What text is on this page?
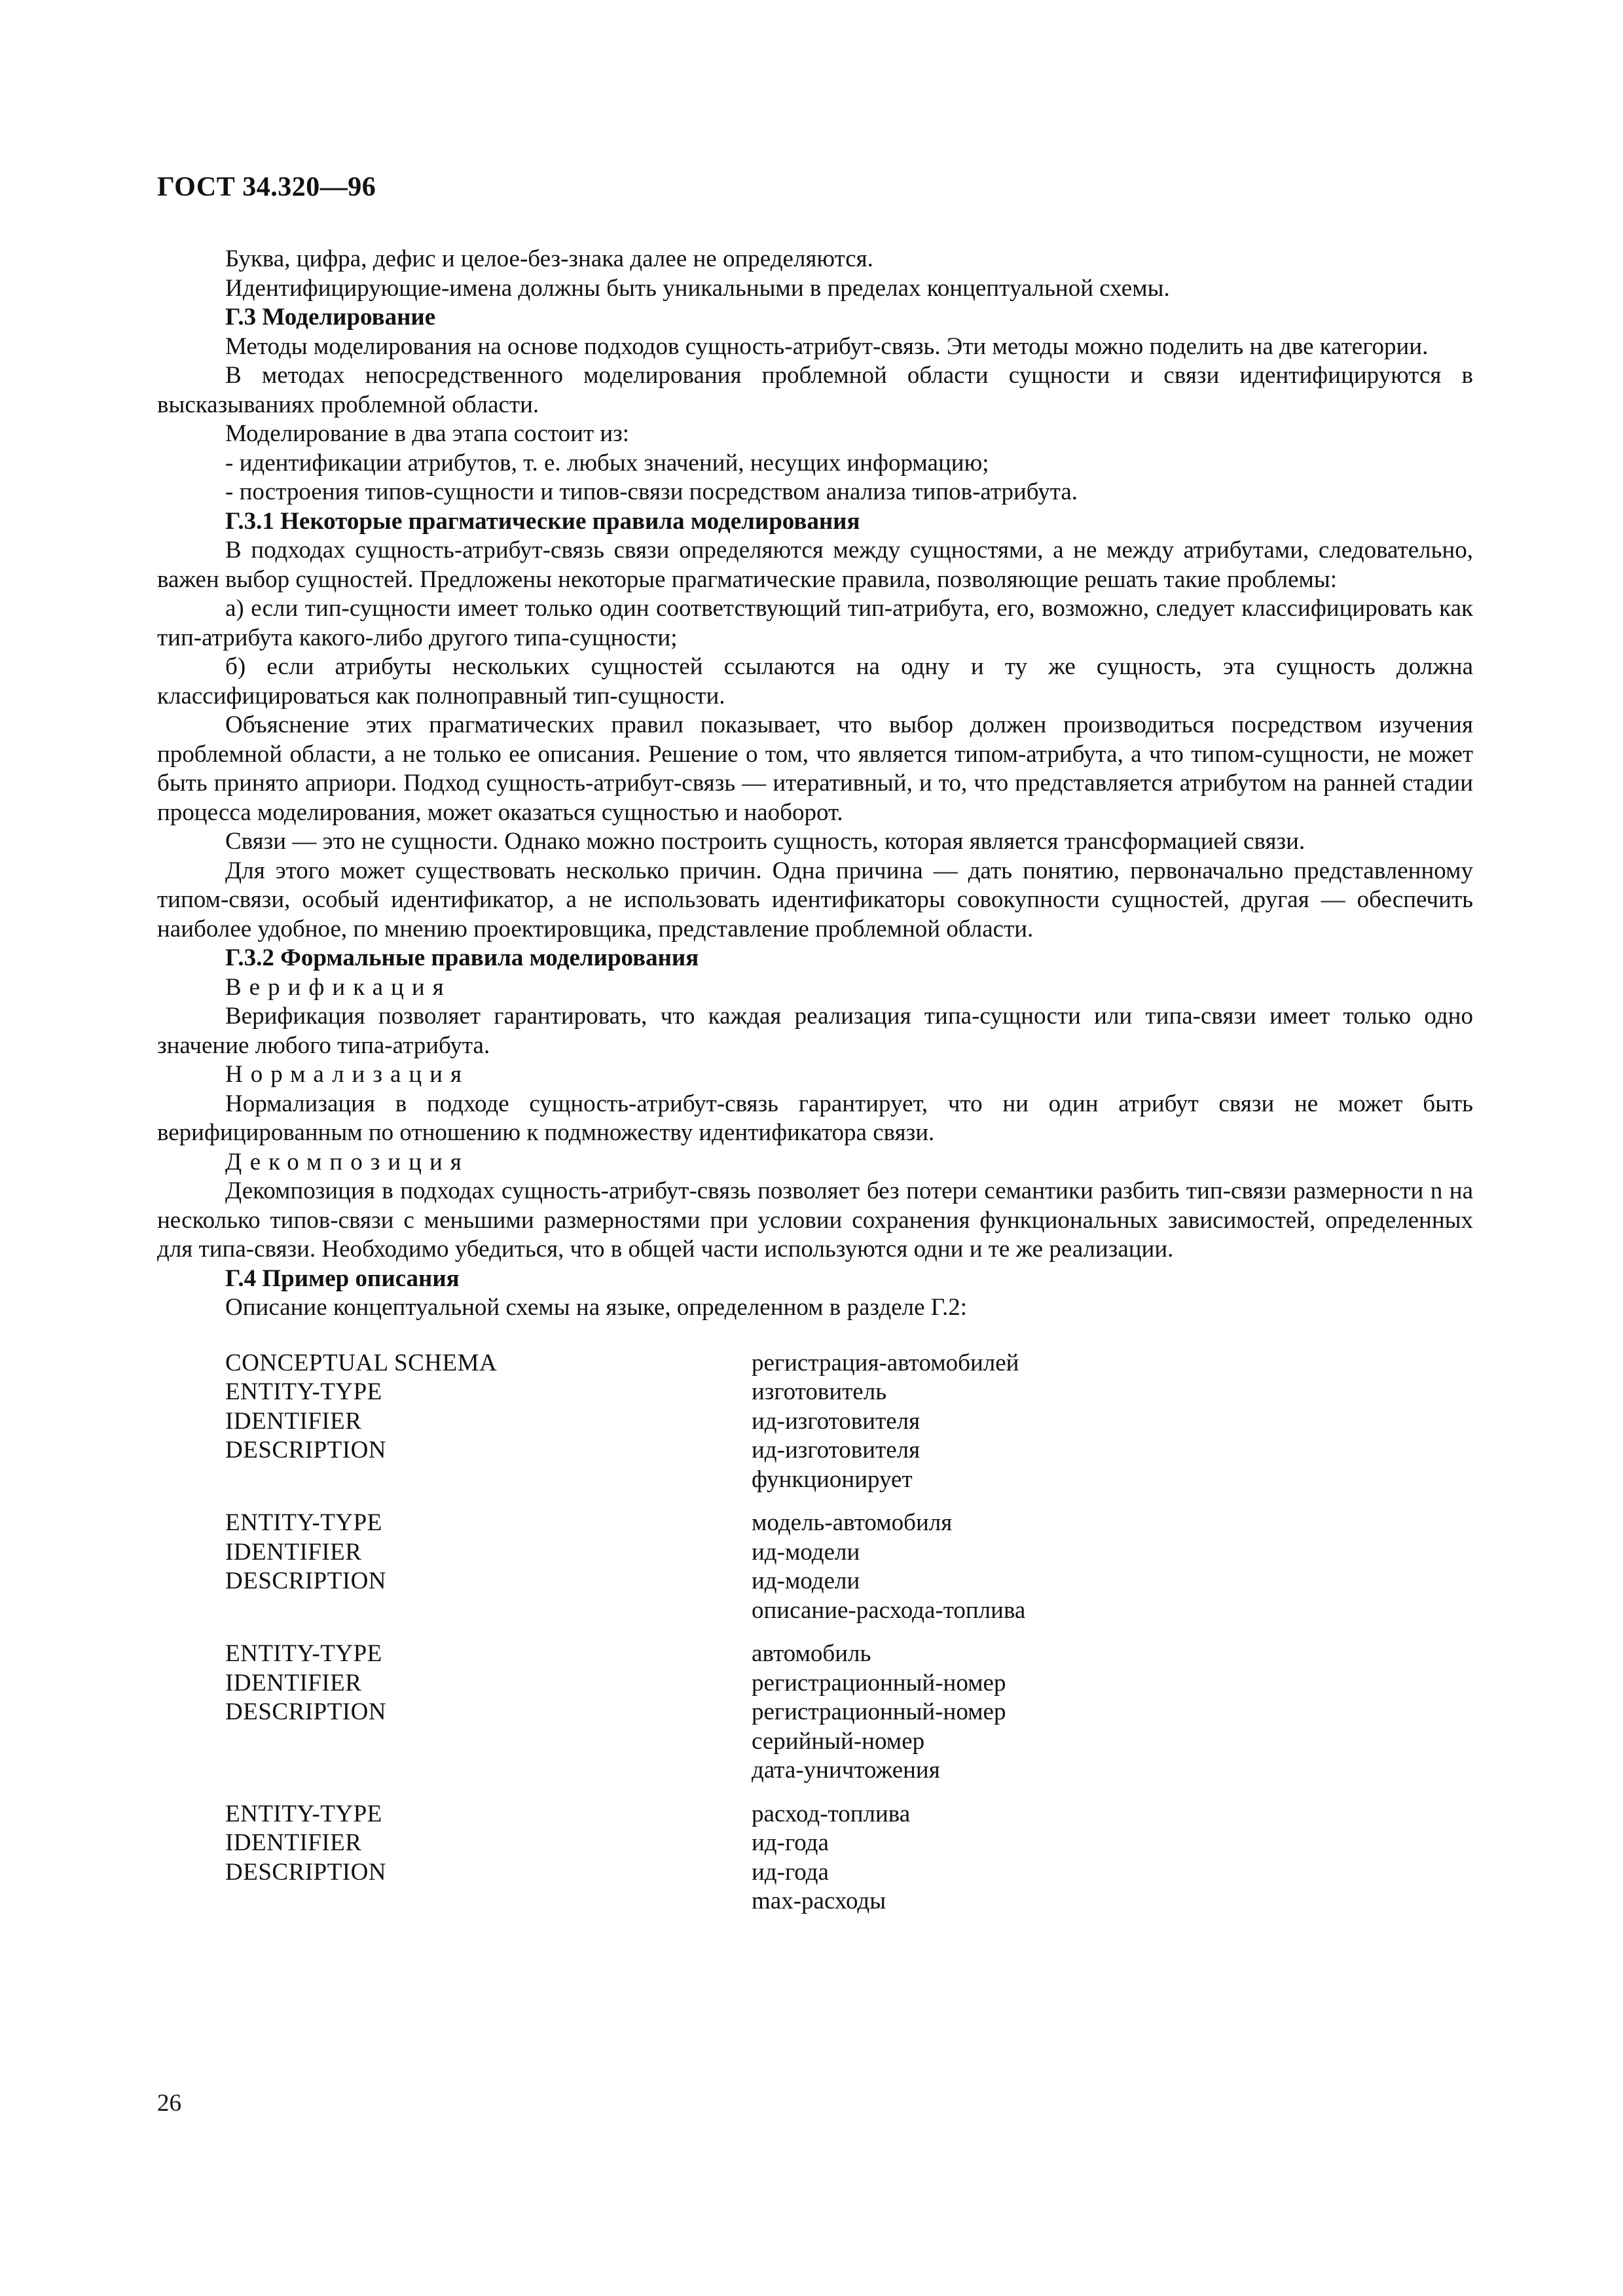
ГОСТ 34.320—96

Буква, цифра, дефис и целое-без-знака далее не определяются.

Идентифицирующие-имена должны быть уникальными в пределах концептуальной схемы.

Г.3 Моделирование

Методы моделирования на основе подходов сущность-атрибут-связь. Эти методы можно поделить на две категории.

В методах непосредственного моделирования проблемной области сущности и связи идентифицируются в высказываниях проблемной области.

Моделирование в два этапа состоит из:

- идентификации атрибутов, т. е. любых значений, несущих информацию;

- построения типов-сущности и типов-связи посредством анализа типов-атрибута.

Г.3.1 Некоторые прагматические правила моделирования

В подходах сущность-атрибут-связь связи определяются между сущностями, а не между атрибутами, следовательно, важен выбор сущностей. Предложены некоторые прагматические правила, позволяющие решать такие проблемы:

а) если тип-сущности имеет только один соответствующий тип-атрибута, его, возможно, следует классифицировать как тип-атрибута какого-либо другого типа-сущности;

б) если атрибуты нескольких сущностей ссылаются на одну и ту же сущность, эта сущность должна классифицироваться как полноправный тип-сущности.

Объяснение этих прагматических правил показывает, что выбор должен производиться посредством изучения проблемной области, а не только ее описания. Решение о том, что является типом-атрибута, а что типом-сущности, не может быть принято априори. Подход сущность-атрибут-связь — итеративный, и то, что представляется атрибутом на ранней стадии процесса моделирования, может оказаться сущностью и наоборот.

Связи — это не сущности. Однако можно построить сущность, которая является трансформацией связи.

Для этого может существовать несколько причин. Одна причина — дать понятию, первоначально представленному типом-связи, особый идентификатор, а не использовать идентификаторы совокупности сущностей, другая — обеспечить наиболее удобное, по мнению проектировщика, представление проблемной области.

Г.3.2 Формальные правила моделирования

Верификация

Верификация позволяет гарантировать, что каждая реализация типа-сущности или типа-связи имеет только одно значение любого типа-атрибута.

Нормализация

Нормализация в подходе сущность-атрибут-связь гарантирует, что ни один атрибут связи не может быть верифицированным по отношению к подмножеству идентификатора связи.

Декомпозиция

Декомпозиция в подходах сущность-атрибут-связь позволяет без потери семантики разбить тип-связи размерности n на несколько типов-связи с меньшими размерностями при условии сохранения функциональных зависимостей, определенных для типа-связи. Необходимо убедиться, что в общей части используются одни и те же реализации.

Г.4 Пример описания

Описание концептуальной схемы на языке, определенном в разделе Г.2:

CONCEPTUAL SCHEMA
ENTITY-TYPE
IDENTIFIER
DESCRIPTION
регистрация-автомобилей
изготовитель
ид-изготовителя
ид-изготовителя
функционирует
ENTITY-TYPE
IDENTIFIER
DESCRIPTION
модель-автомобиля
ид-модели
ид-модели
описание-расхода-топлива
ENTITY-TYPE
IDENTIFIER
DESCRIPTION
автомобиль
регистрационный-номер
регистрационный-номер
серийный-номер
дата-уничтожения
ENTITY-TYPE
IDENTIFIER
DESCRIPTION
расход-топлива
ид-года
ид-года
max-расходы
26
